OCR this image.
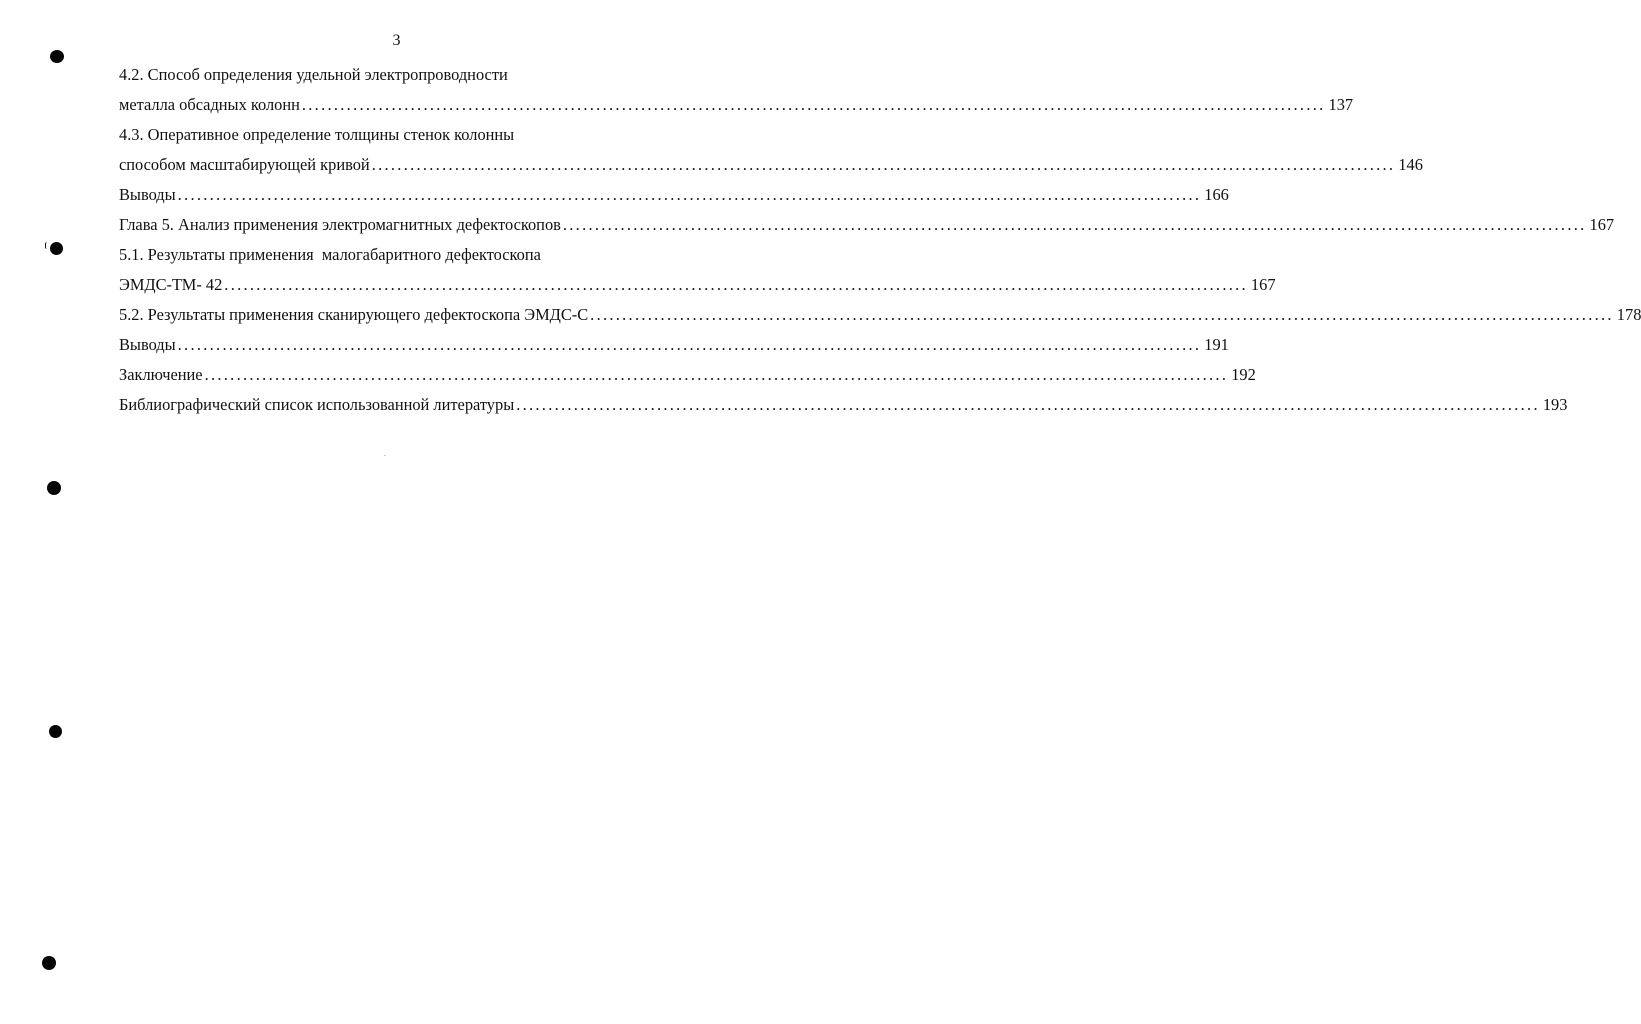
3
4.2. Способ определения удельной электропроводности
металла обсадных колонн ................................................................................................................................................................ 137
4.3. Оперативное определение толщины стенок колонны
способом масштабирующей кривой ................................................................................................................................................................ 146
Выводы ................................................................................................................................................................ 166
Глава 5. Анализ применения электромагнитных дефектоскопов ................................................................................................................................................................ 167
5.1. Результаты применения  малогабаритного дефектоскопа
ЭМДС-ТМ- 42 ................................................................................................................................................................ 167
5.2. Результаты применения сканирующего дефектоскопа ЭМДС-С ................................................................................................................................................................ 178
Выводы ................................................................................................................................................................ 191
Заключение ................................................................................................................................................................ 192
Библиографический список использованной литературы ................................................................................................................................................................ 193
